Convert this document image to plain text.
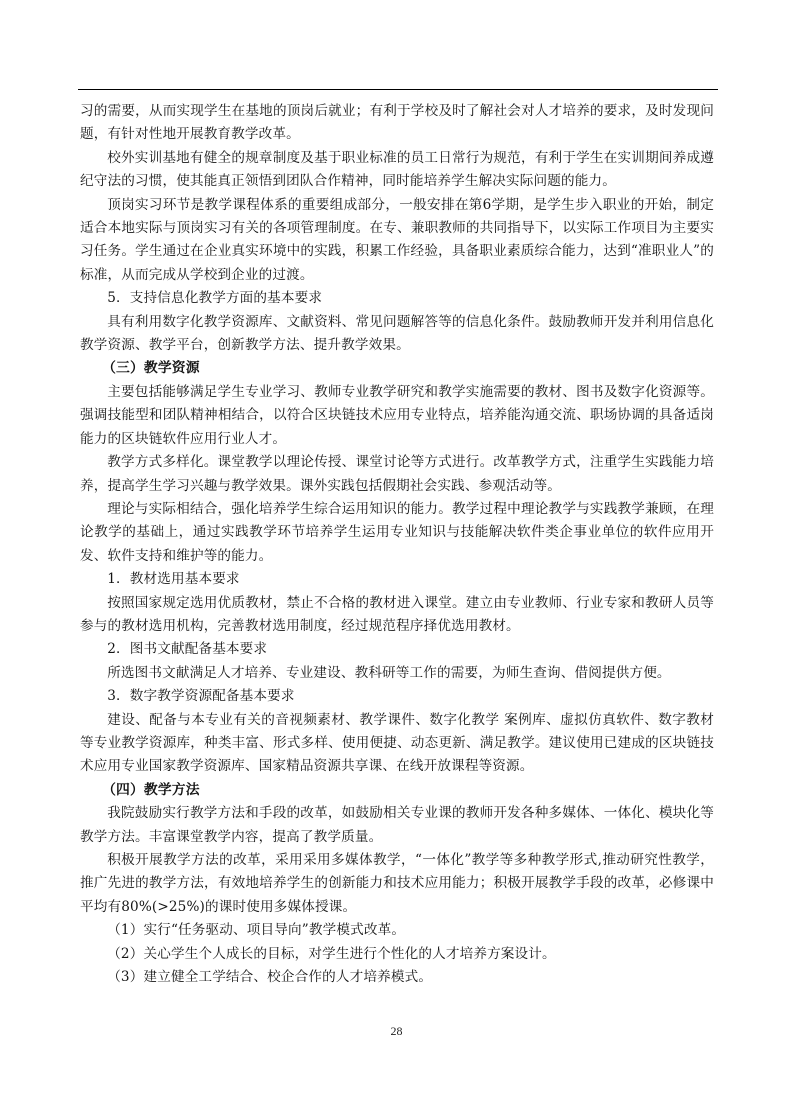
习的需要，从而实现学生在基地的顶岗后就业；有利于学校及时了解社会对人才培养的要求，及时发现问题，有针对性地开展教育教学改革。

校外实训基地有健全的规章制度及基于职业标准的员工日常行为规范，有利于学生在实训期间养成遵纪守法的习惯，使其能真正领悟到团队合作精神，同时能培养学生解决实际问题的能力。

顶岗实习环节是教学课程体系的重要组成部分，一般安排在第6学期，是学生步入职业的开始，制定适合本地实际与顶岗实习有关的各项管理制度。在专、兼职教师的共同指导下，以实际工作项目为主要实习任务。学生通过在企业真实环境中的实践，积累工作经验，具备职业素质综合能力，达到“准职业人”的标准，从而完成从学校到企业的过渡。

5．支持信息化教学方面的基本要求

具有利用数字化教学资源库、文献资料、常见问题解答等的信息化条件。鼓励教师开发并利用信息化教学资源、教学平台，创新教学方法、提升教学效果。

（三）教学资源

主要包括能够满足学生专业学习、教师专业教学研究和教学实施需要的教材、图书及数字化资源等。强调技能型和团队精神相结合，以符合区块链技术应用专业特点，培养能沟通交流、职场协调的具备适岗能力的区块链软件应用行业人才。

教学方式多样化。课堂教学以理论传授、课堂讨论等方式进行。改革教学方式，注重学生实践能力培养，提高学生学习兴趣与教学效果。课外实践包括假期社会实践、参观活动等。

理论与实际相结合，强化培养学生综合运用知识的能力。教学过程中理论教学与实践教学兼顾，在理论教学的基础上，通过实践教学环节培养学生运用专业知识与技能解决软件类企事业单位的软件应用开发、软件支持和维护等的能力。

1．教材选用基本要求

按照国家规定选用优质教材，禁止不合格的教材进入课堂。建立由专业教师、行业专家和教研人员等参与的教材选用机构，完善教材选用制度，经过规范程序择优选用教材。

2．图书文献配备基本要求

所选图书文献满足人才培养、专业建设、教科研等工作的需要，为师生查询、借阅提供方便。

3．数字教学资源配备基本要求

建设、配备与本专业有关的音视频素材、教学课件、数字化教学 案例库、虚拟仿真软件、数字教材等专业教学资源库，种类丰富、形式多样、使用便捷、动态更新、满足教学。建议使用已建成的区块链技术应用专业国家教学资源库、国家精品资源共享课、在线开放课程等资源。

（四）教学方法

我院鼓励实行教学方法和手段的改革，如鼓励相关专业课的教师开发各种多媒体、一体化、模块化等教学方法。丰富课堂教学内容，提高了教学质量。

积极开展教学方法的改革，采用采用多媒体教学，“一体化”教学等多种教学形式,推动研究性教学，推广先进的教学方法，有效地培养学生的创新能力和技术应用能力；积极开展教学手段的改革，必修课中平均有80%(>25%)的课时使用多媒体授课。

（1）实行“任务驱动、项目导向”教学模式改革。

（2）关心学生个人成长的目标，对学生进行个性化的人才培养方案设计。

（3）建立健全工学结合、校企合作的人才培养模式。

28
